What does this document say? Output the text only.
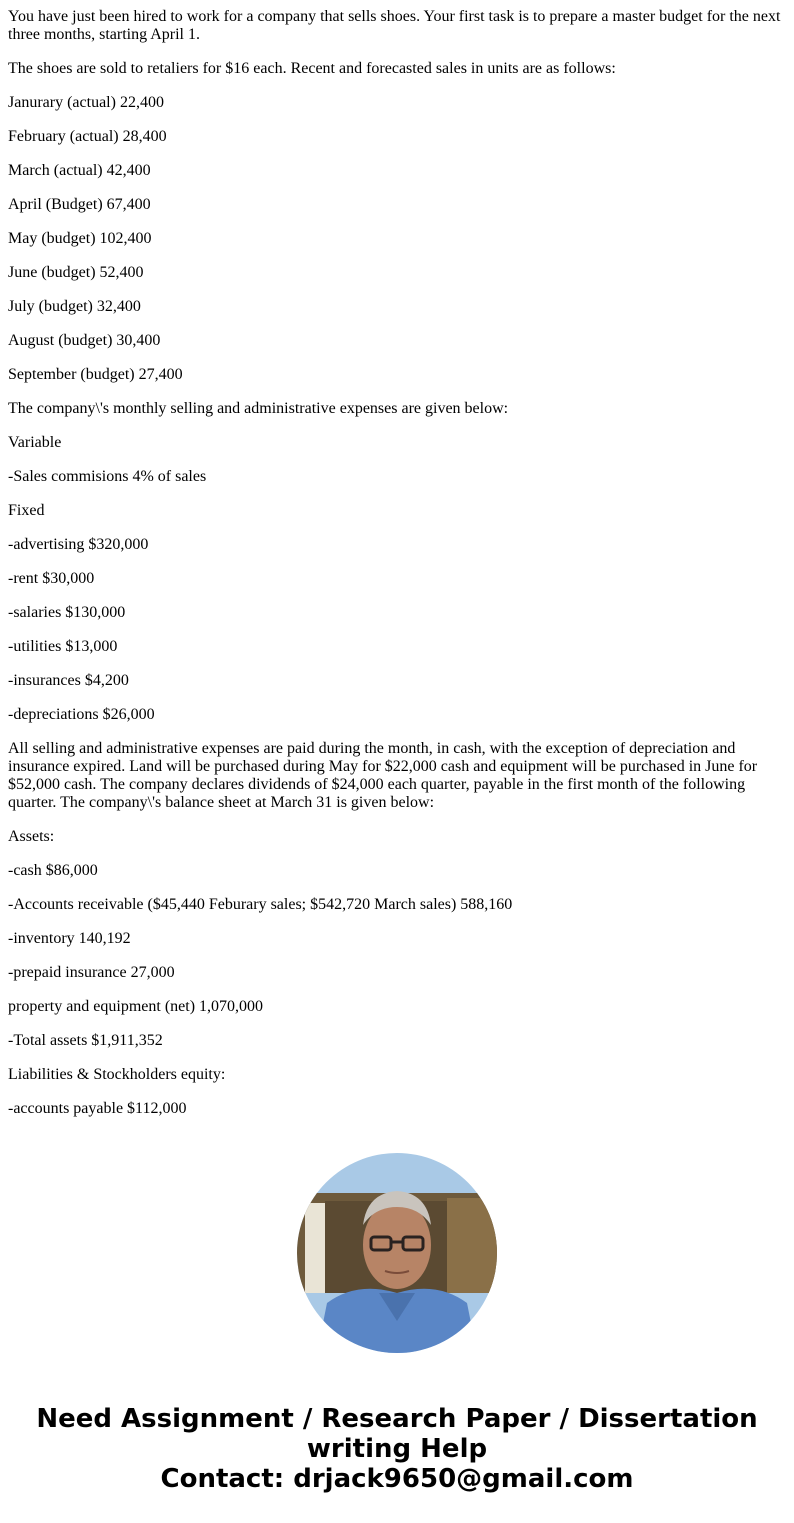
You have just been hired to work for a company that sells shoes. Your first task is to prepare a master budget for the next three months, starting April 1.

The shoes are sold to retaliers for $16 each. Recent and forecasted sales in units are as follows:

Janurary (actual) 22,400

February (actual) 28,400

March (actual) 42,400

April (Budget) 67,400

May (budget) 102,400

June (budget) 52,400

July (budget) 32,400

August (budget) 30,400

September (budget) 27,400

The company\'s monthly selling and administrative expenses are given below:

Variable

-Sales commisions 4% of sales

Fixed

-advertising $320,000

-rent $30,000

-salaries $130,000

-utilities $13,000

-insurances $4,200

-depreciations $26,000

All selling and administrative expenses are paid during the month, in cash, with the exception of depreciation and insurance expired. Land will be purchased during May for $22,000 cash and equipment will be purchased in June for $52,000 cash. The company declares dividends of $24,000 each quarter, payable in the first month of the following quarter. The company\'s balance sheet at March 31 is given below:

Assets:

-cash $86,000

-Accounts receivable ($45,440 Feburary sales; $542,720 March sales) 588,160

-inventory 140,192

-prepaid insurance 27,000

property and equipment (net) 1,070,000

-Total assets $1,911,352

Liabilities & Stockholders equity:

-accounts payable $112,000

Need Assignment / Research Paper / Dissertation
writing Help
Contact: drjack9650@gmail.com
